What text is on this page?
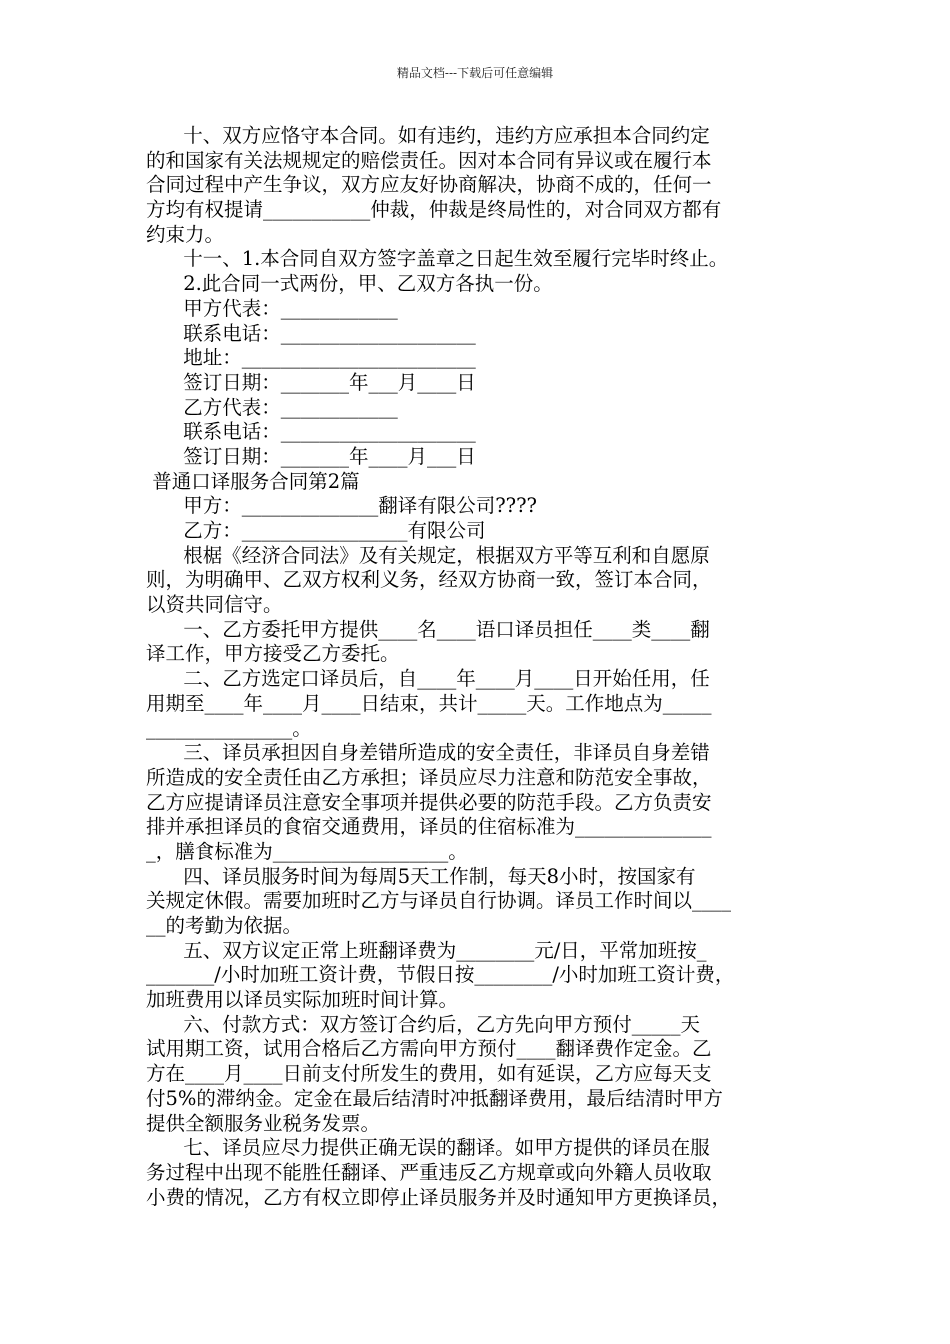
精品文档---下载后可任意编辑
十、双方应恪守本合同。如有违约，违约方应承担本合同约定
的和国家有关法规规定的赔偿责任。因对本合同有异议或在履行本
合同过程中产生争议，双方应友好协商解决，协商不成的，任何一
方均有权提请___________仲裁，仲裁是终局性的，对合同双方都有
约束力。
十一、1.本合同自双方签字盖章之日起生效至履行完毕时终止。
2.此合同一式两份，甲、乙双方各执一份。
甲方代表：____________
联系电话：____________________
地址：________________________
签订日期：_______年___月____日
乙方代表：____________
联系电话：____________________
签订日期：_______年____月___日
普通口译服务合同第2篇
甲方：______________翻译有限公司????
乙方：_________________有限公司
根椐《经济合同法》及有关规定，根据双方平等互利和自愿原
则，为明确甲、乙双方权利义务，经双方协商一致，签订本合同，
以资共同信守。
一、乙方委托甲方提供____名____语口译员担任____类____翻
译工作，甲方接受乙方委托。
二、乙方选定口译员后，自____年____月____日开始任用，任
用期至____年____月____日结束，共计_____天。工作地点为_____
_______________。
三、译员承担因自身差错所造成的安全责任，非译员自身差错
所造成的安全责任由乙方承担；译员应尽力注意和防范安全事故，
乙方应提请译员注意安全事项并提供必要的防范手段。乙方负责安
排并承担译员的食宿交通费用，译员的住宿标准为______________
_，膳食标准为__________________。
四、译员服务时间为每周5天工作制，每天8小时，按国家有
关规定休假。需要加班时乙方与译员自行协调。译员工作时间以____
__的考勤为依据。
五、双方议定正常上班翻译费为________元/日，平常加班按_
_______/小时加班工资计费，节假日按________/小时加班工资计费，
加班费用以译员实际加班时间计算。
六、付款方式：双方签订合约后，乙方先向甲方预付_____天
试用期工资，试用合格后乙方需向甲方预付____翻译费作定金。乙
方在____月____日前支付所发生的费用，如有延误，乙方应每天支
付5%的滞纳金。定金在最后结清时冲抵翻译费用，最后结清时甲方
提供全额服务业税务发票。
七、译员应尽力提供正确无误的翻译。如甲方提供的译员在服
务过程中出现不能胜任翻译、严重违反乙方规章或向外籍人员收取
小费的情况，乙方有权立即停止译员服务并及时通知甲方更换译员，
